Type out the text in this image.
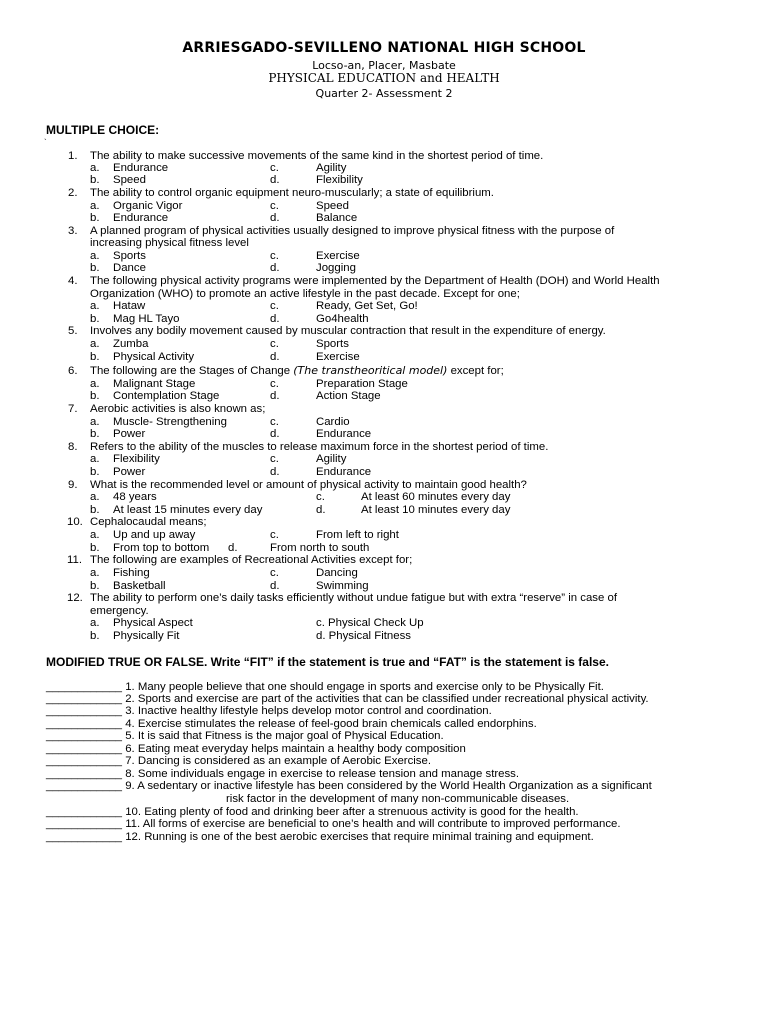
ARRIESGADO-SEVILLENO NATIONAL HIGH SCHOOL
Locso-an, Placer, Masbate
PHYSICAL EDUCATION and HEALTH
Quarter 2- Assessment 2
MULTIPLE CHOICE:
`
1. The ability to make successive movements of the same kind in the shortest period of time.
a. Endurance	c.	Agility
b. Speed	d.	Flexibility
2. The ability to control organic equipment neuro-muscularly; a state of equilibrium.
a. Organic Vigor	c.	Speed
b. Endurance	d.	Balance
3. A planned program of physical activities usually designed to improve physical fitness with the purpose of
increasing physical fitness level
a. Sports	c.	Exercise
b. Dance	d.	Jogging
4. The following physical activity programs were implemented by the Department of Health (DOH) and World Health
Organization (WHO) to promote an active lifestyle in the past decade. Except for one;
a. Hataw	c.	Ready, Get Set, Go!
b. Mag HL Tayo	d.	Go4health
5. Involves any bodily movement caused by muscular contraction that result in the expenditure of energy.
a. Zumba	c.	Sports
b. Physical Activity	d.	Exercise
6. The following are the Stages of Change (The transtheoritical model) except for;
a. Malignant Stage	c.	Preparation Stage
b. Contemplation Stage	d.	Action Stage
7. Aerobic activities is also known as;
a. Muscle- Strengthening	c.	Cardio
b. Power	d.	Endurance
8. Refers to the ability of the muscles to release maximum force in the shortest period of time.
a. Flexibility	c.	Agility
b. Power	d.	Endurance
9. What is the recommended level or amount of physical activity to maintain good health?
a. 48 years	c.	At least 60 minutes every day
b. At least 15 minutes every day	d.	At least 10 minutes every day
10. Cephalocaudal means;
a. Up and up away	c.	From left to right
b. From top to bottom d.	From north to south
11. The following are examples of Recreational Activities except for;
a. Fishing	c.	Dancing
b. Basketball	d.	Swimming
12. The ability to perform one’s daily tasks efficiently without undue fatigue but with extra “reserve” in case of
emergency.
a. Physical Aspect	c. Physical Check Up
b. Physically Fit	d. Physical Fitness
MODIFIED TRUE OR FALSE. Write “FIT” if the statement is true and “FAT” is the statement is false.
____________ 1. Many people believe that one should engage in sports and exercise only to be Physically Fit.
____________ 2. Sports and exercise are part of the activities that can be classified under recreational physical activity.
____________ 3. Inactive healthy lifestyle helps develop motor control and coordination.
____________ 4. Exercise stimulates the release of feel-good brain chemicals called endorphins.
____________ 5. It is said that Fitness is the major goal of Physical Education.
____________ 6. Eating meat everyday helps maintain a healthy body composition
____________ 7. Dancing is considered as an example of Aerobic Exercise.
____________ 8. Some individuals engage in exercise to release tension and manage stress.
____________ 9. A sedentary or inactive lifestyle has been considered by the World Health Organization as a significant
risk factor in the development of many non-communicable diseases.
____________ 10. Eating plenty of food and drinking beer after a strenuous activity is good for the health.
____________ 11. All forms of exercise are beneficial to one’s health and will contribute to improved performance.
____________ 12. Running is one of the best aerobic exercises that require minimal training and equipment.
